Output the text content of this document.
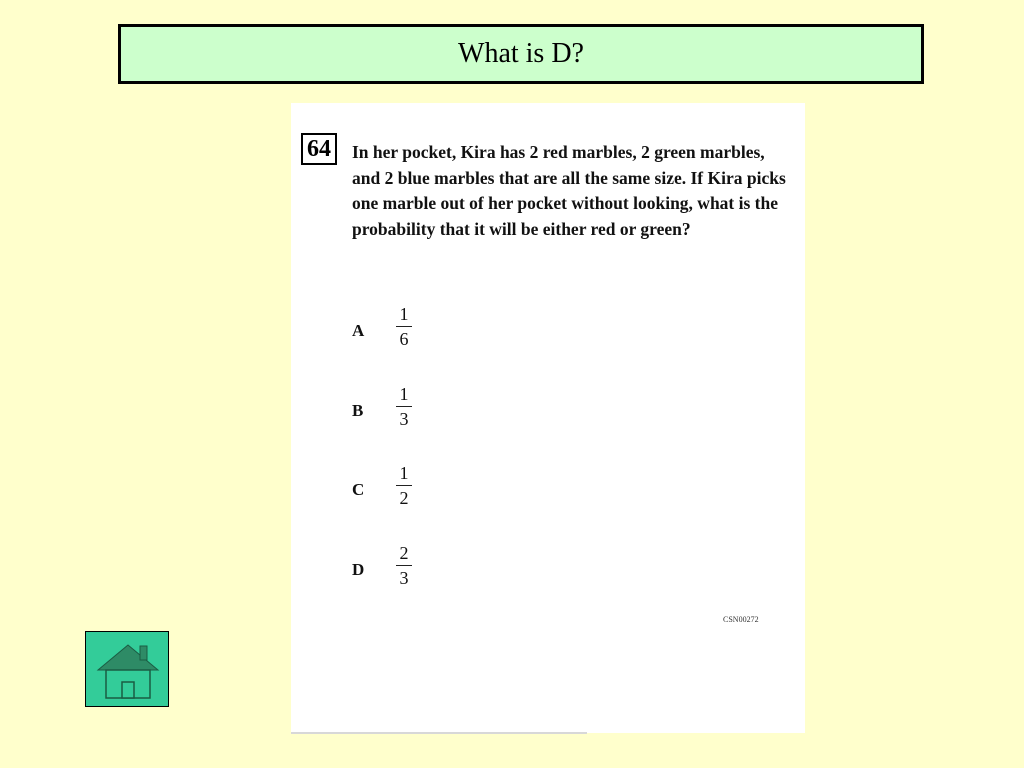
What is D?
64	In her pocket, Kira has 2 red marbles, 2 green marbles, and 2 blue marbles that are all the same size. If Kira picks one marble out of her pocket without looking, what is the probability that it will be either red or green?
A
1
6
B
1
3
C
1
2
D
2
3
CSN00272
